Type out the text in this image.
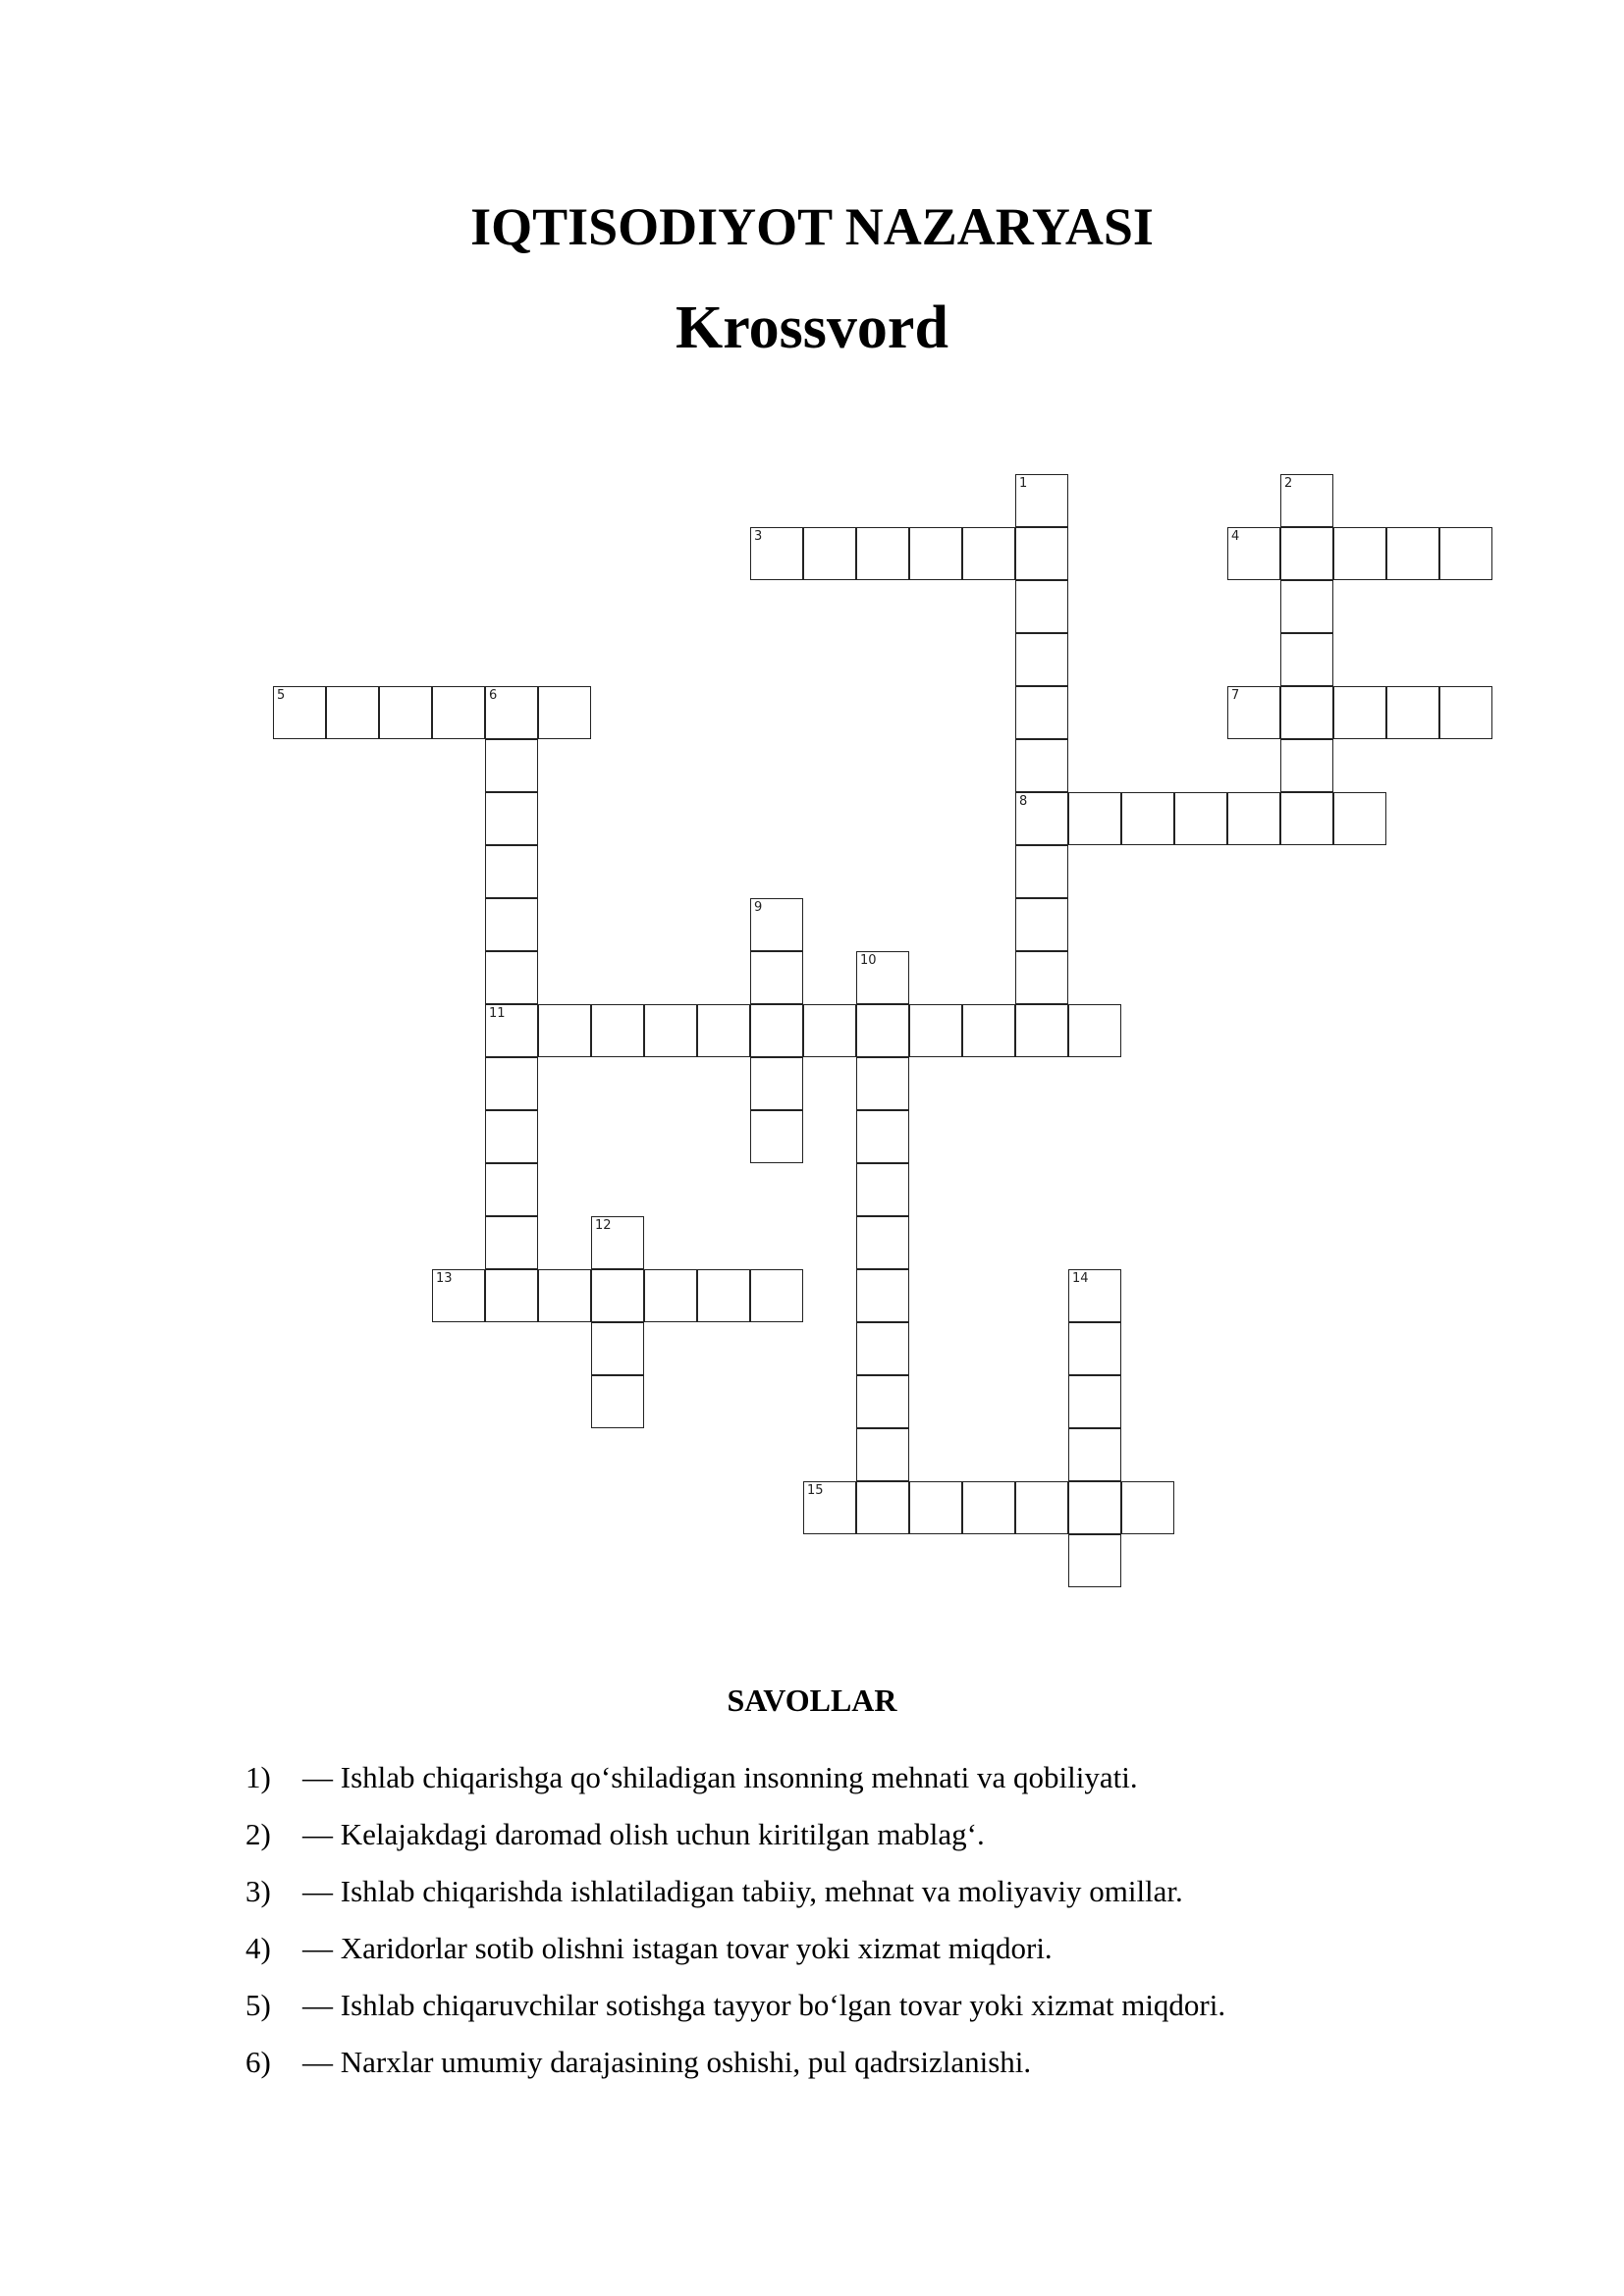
IQTISODIYOT NAZARYASI
Krossvord
1
8
2
3	4
5	6
11
7
9
10
12
13	14
15
SAVOLLAR
1) — Ishlab chiqarishga qo‘shiladigan insonning mehnati va qobiliyati.
2) — Kelajakdagi daromad olish uchun kiritilgan mablag‘.
3) — Ishlab chiqarishda ishlatiladigan tabiiy, mehnat va moliyaviy omillar.
4) — Xaridorlar sotib olishni istagan tovar yoki xizmat miqdori.
5) — Ishlab chiqaruvchilar sotishga tayyor bo‘lgan tovar yoki xizmat miqdori.
6) — Narxlar umumiy darajasining oshishi, pul qadrsizlanishi.
